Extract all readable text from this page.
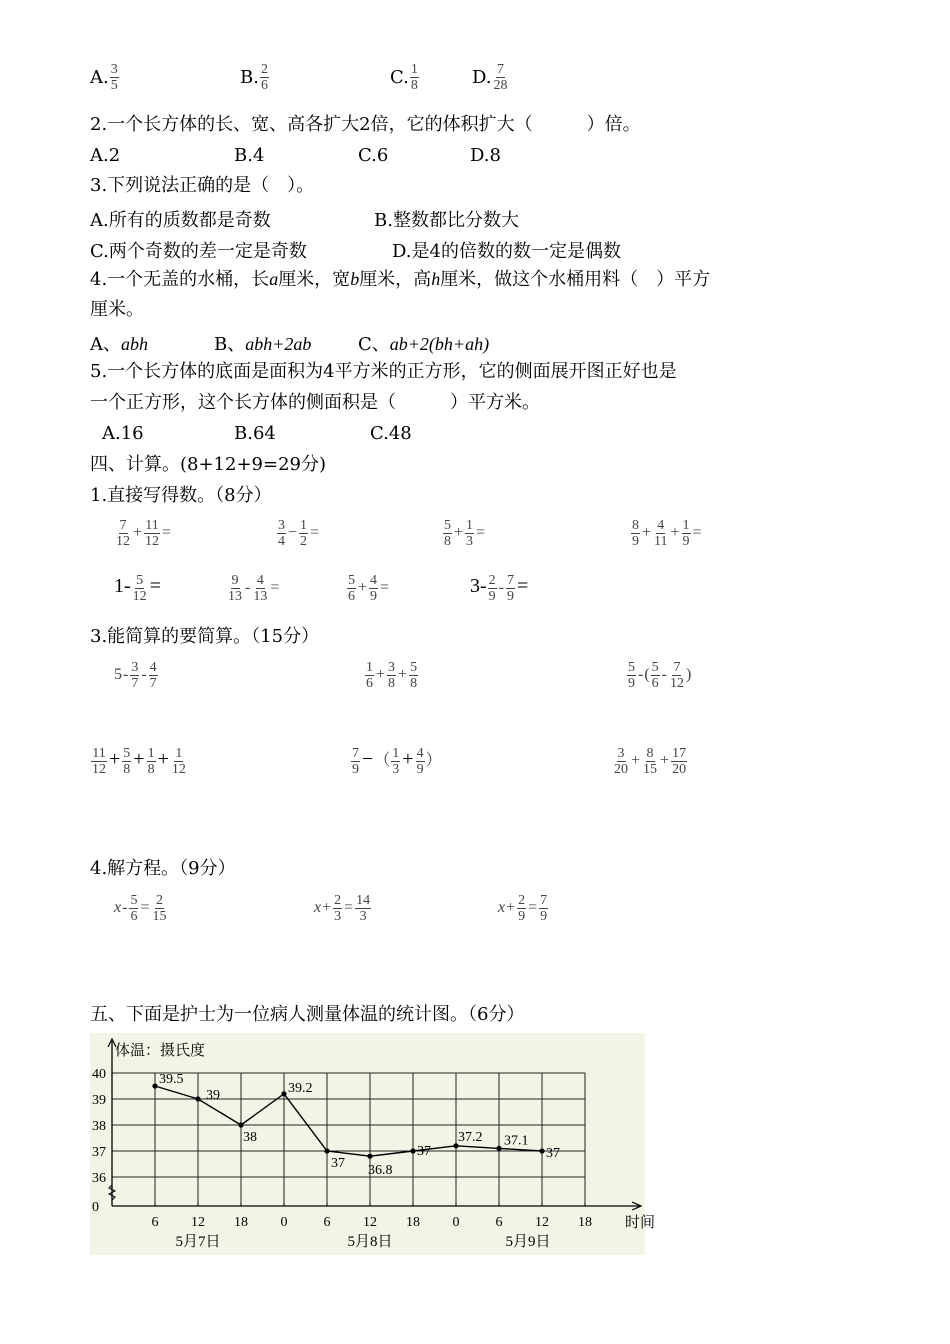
A. $\frac{3}{5}$	B. $\frac{2}{6}$	C. $\frac{1}{8}$	D. $\frac{7}{28}$
2.一个长方体的长、宽、高各扩大2倍，它的体积扩大（　　　）倍。
A.2	B.4	C.6	D.8
3.下列说法正确的是（　）。
A.所有的质数都是奇数	B.整数都比分数大
C.两个奇数的差一定是奇数	D.是4的倍数的数一定是偶数
4.一个无盖的水桶，长a厘米，宽b厘米，高h厘米，做这个水桶用料（　）平方
厘米。
A、abh	B、abh+2ab	C、ab+2(bh+ah)
5.一个长方体的底面是面积为4平方米的正方形，它的侧面展开图正好也是
一个正方形，这个长方体的侧面积是（　　　）平方米。
A.16	B.64	C.48
四、计算。(8+12+9=29分)
1.直接写得数。（8分）
$\frac{7}{12} + \frac{11}{12}$ =	$\frac{3}{4} - \frac{1}{2}$ =	$\frac{5}{8} + \frac{1}{3}$ =	$\frac{8}{9} + \frac{4}{11} + \frac{1}{9}$ =
$1- \frac{5}{12}$ =	$\frac{9}{13} - \frac{4}{13}$ =	$\frac{5}{6} + \frac{4}{9}$ =	$3- \frac{2}{9} - \frac{7}{9}$ =
3.能简算的要简算。（15分）
$5- \frac{3}{7} - \frac{4}{7}$	$\frac{1}{6} + \frac{3}{8} + \frac{5}{8}$	$\frac{5}{9}$ -( $\frac{5}{6} - \frac{7}{12}$ )
$\frac{11}{12} + \frac{5}{8} + \frac{1}{8} + \frac{1}{12}$	$\frac{7}{9}$ −（ $\frac{1}{3} + \frac{4}{9}$ ）	$\frac{3}{20} + \frac{8}{15} + \frac{17}{20}$
4.解方程。（9分）
$x- \frac{5}{6} = \frac{2}{15}$	$x+ \frac{2}{3} = \frac{14}{3}$	$x+ \frac{2}{9} = \frac{7}{9}$
五、下面是护士为一位病人测量体温的统计图。（6分）
体温：摄氏度
40
39
38
37
36
0
6 12 18 0	6 12 18 0	6 12 18 时间
5月7日	5月8日	5月9日
39.5
39
38
39.2
37 36.8
37
37.2 37.1
37
